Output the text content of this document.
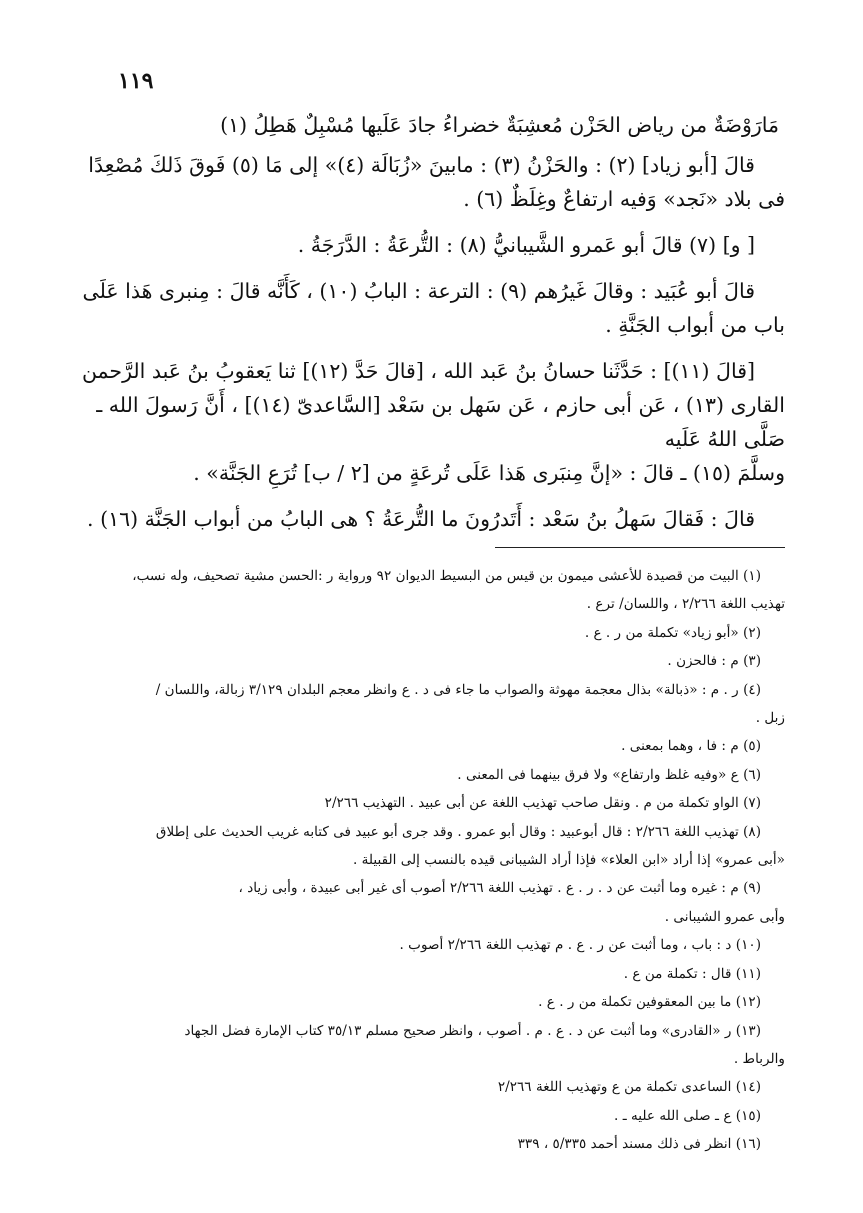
١١٩

مَارَوْضَةٌ من رياض الحَزْن مُعشِبَةٌ خضراءُ جادَ عَلَيها مُسْبِلٌ هَطِلُ (١)

قالَ [أبو زياد] (٢) : والحَزْنُ (٣) : مابينَ «زُبَالَة (٤)» إلى مَا (٥) فَوقَ ذَلكَ مُصْعِدًا

فى بلاد «نَجد» وَفيه ارتفاعٌ وغِلَظٌ (٦) .

[ و] (٧) قالَ أبو عَمرو الشَّيبانيُّ (٨) : التُّرعَةُ : الدَّرَجَةُ .

قالَ أبو عُبَيد : وقالَ غَيرُهم (٩) : الترعة : البابُ (١٠) ، كَأَنَّه قالَ : مِنبرى هَذا عَلَى

باب من أبواب الجَنَّةِ .

[قالَ (١١)] : حَدَّثَنا حسانُ بنُ عَبد الله ، [قالَ حَدَّ (١٢)] ثنا يَعقوبُ بنُ عَبد الرَّحمن

القارى (١٣) ، عَن أبى حازم ، عَن سَهل بن سَعْد [السَّاعدىّ (١٤)] ، أَنَّ رَسولَ الله ـ صَلَّى اللهُ عَلَيه

وسلَّمَ (١٥) ـ قالَ : «إنَّ مِنبَرى هَذا عَلَى تُرعَةٍ من [٢ / ب] تُرَعِ الجَنَّة» .

قالَ : فَقالَ سَهلُ بنُ سَعْد : أَتَدرُونَ ما التُّرعَةُ ؟ هى البابُ من أبواب الجَنَّة (١٦) .

(١) البيت من قصيدة للأعشى ميمون بن قيس من البسيط الديوان ٩٢ ورواية ر :الحسن مشية تصحيف، وله نسب،

تهذيب اللغة ٢/٢٦٦ ، واللسان/ ترع .

(٢) «أبو زياد» تكملة من ر . ع .

(٣) م : فالحزن .

(٤) ر . م : «ذبالة» بذال معجمة مهوثة والصواب ما جاء فى د . ع وانظر معجم البلدان ٣/١٢٩ زبالة، واللسان /

زبل .

(٥) م : فا ، وهما بمعنى .

(٦) ع «وفيه غلظ وارتفاع» ولا فرق بينهما فى المعنى .

(٧) الواو تكملة من م . ونقل صاحب تهذيب اللغة عن أبى عبيد . التهذيب ٢/٢٦٦

(٨) تهذيب اللغة ٢/٢٦٦ : قال أبوعبيد : وقال أبو عمرو . وقد جرى أبو عبيد فى كتابه غريب الحديث على إطلاق

«أبى عمرو» إذا أراد «ابن العلاء» فإذا أراد الشيبانى قيده بالنسب إلى القبيلة .

(٩) م : غيره وما أثبت عن د . ر . ع . تهذيب اللغة ٢/٢٦٦ أصوب أى غير أبى عبيدة ، وأبى زياد ،

وأبى عمرو الشيبانى .

(١٠) د : باب ، وما أثبت عن ر . ع . م تهذيب اللغة ٢/٢٦٦ أصوب .

(١١) قال : تكملة من ع .

(١٢) ما بين المعقوفين تكملة من ر . ع .

(١٣) ر «القادرى» وما أثبت عن د . ع . م . أصوب ، وانظر صحيح مسلم ٣٥/١٣ كتاب الإمارة فضل الجهاد

والرباط .

(١٤) الساعدى تكملة من ع وتهذيب اللغة ٢/٢٦٦

(١٥) ع ـ صلى الله عليه ـ .

(١٦) انظر فى ذلك مسند أحمد ٥/٣٣٥ ، ٣٣٩
